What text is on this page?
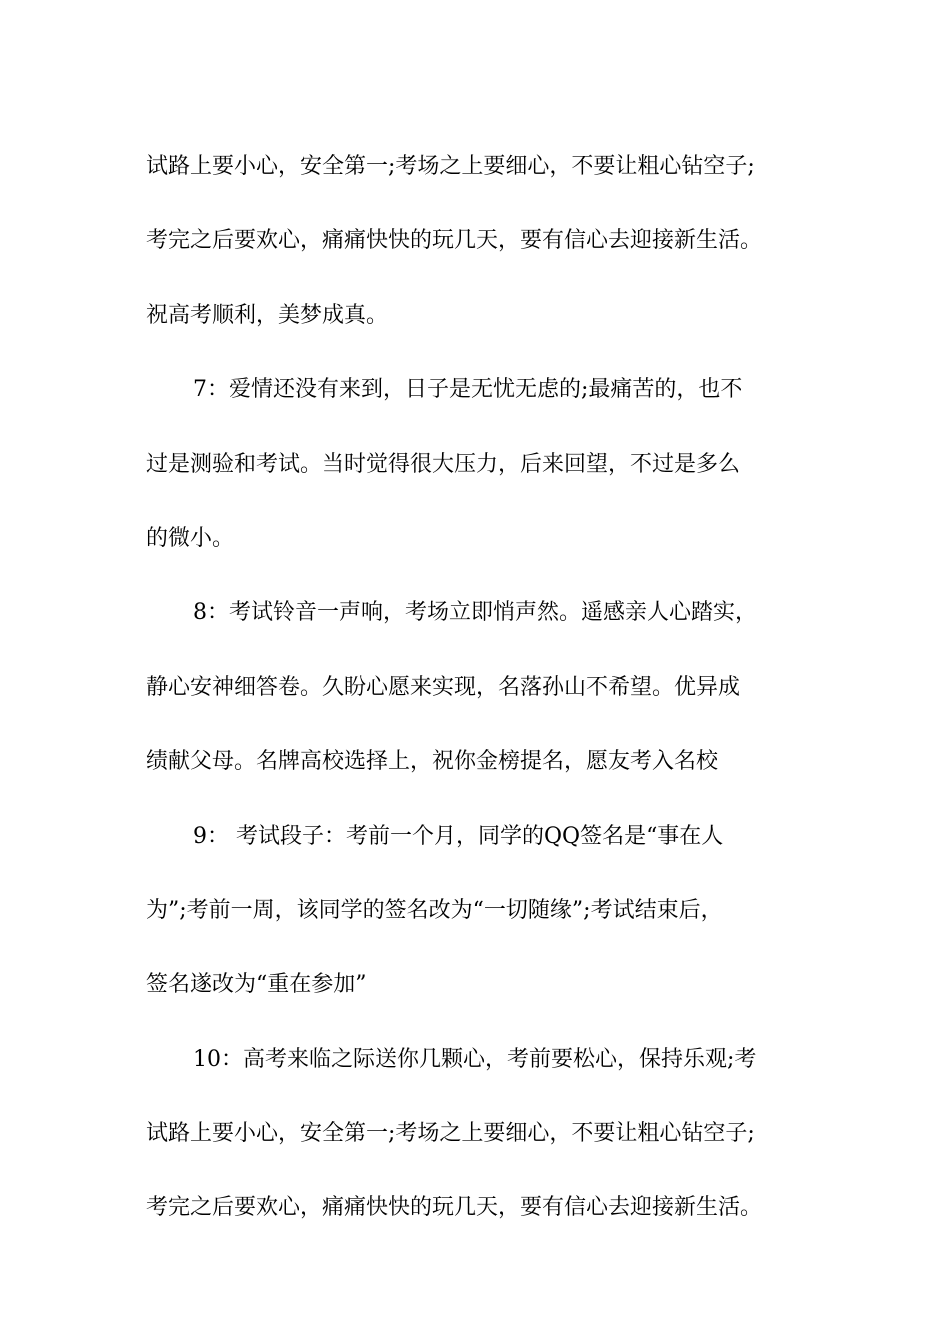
试路上要小心，安全第一;考场之上要细心，不要让粗心钻空子;
考完之后要欢心，痛痛快快的玩几天，要有信心去迎接新生活。
祝高考顺利，美梦成真。
7：爱情还没有来到，日子是无忧无虑的;最痛苦的，也不
过是测验和考试。当时觉得很大压力，后来回望，不过是多么
的微小。
8：考试铃音一声响，考场立即悄声然。遥感亲人心踏实，
静心安神细答卷。久盼心愿来实现，名落孙山不希望。优异成
绩献父母。名牌高校选择上，祝你金榜提名，愿友考入名校
9： 考试段子：考前一个月，同学的QQ签名是“事在人
为”;考前一周，该同学的签名改为“一切随缘”;考试结束后，
签名遂改为“重在参加”
10：高考来临之际送你几颗心，考前要松心，保持乐观;考
试路上要小心，安全第一;考场之上要细心，不要让粗心钻空子;
考完之后要欢心，痛痛快快的玩几天，要有信心去迎接新生活。
